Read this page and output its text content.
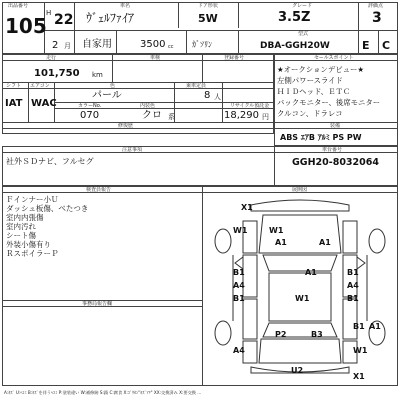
出品番号
105
H 22
2 月
車名
ｳﾞｪﾙﾌｧｲｱ
ドア形状
5W
グレード
3.5Z
評価点
3
自家用	3500 cc ｶﾞｿﾘﾝ
型式
DBA-GGH20W	E C
走行
101,750 km
車検	登録番号
シフト エアコン	色	乗車定員
IAT WAC
パール	8 人
カラーNo.	内装色	リサイクル預託金
070	クロ 系	18,290 円
修復歴
セールスポイント
★オークションデビュー★
左側パワースライド
ＨＩＤヘッド、ＥＴＣ
バックモニター、後席モニター
クルコン、ドラレコ
装備
ABS ｴｱB ｱﾙﾐ PS PW
注意事項
社外ＳＤナビ、フルセグ
車台番号
GGH20-8032064
検査員報告	展開図
Ｆインナー小Ｕ
ダッシュ板傷、べたつき
室内内張傷
室内汚れ
シート傷
外装小傷有り
ＲスポイラーＰ
事務局報告欄
X1
W1	W1
A1
A1
B1
A4
B1
B1
A4
B1
A1
W1
P2	B3
A4	W1
B1 A1
U2
X1
A:ｷｽﾞ U:ﾍｺﾐ B:ｷｽﾞを伴うﾍｺﾐ P:塗装違い W:補修跡 S:錆 C:腐食 X:ｺﾞｳｶﾝ"ｷｽﾞｱﾘ" XX:交換済み X:要交換 ...
